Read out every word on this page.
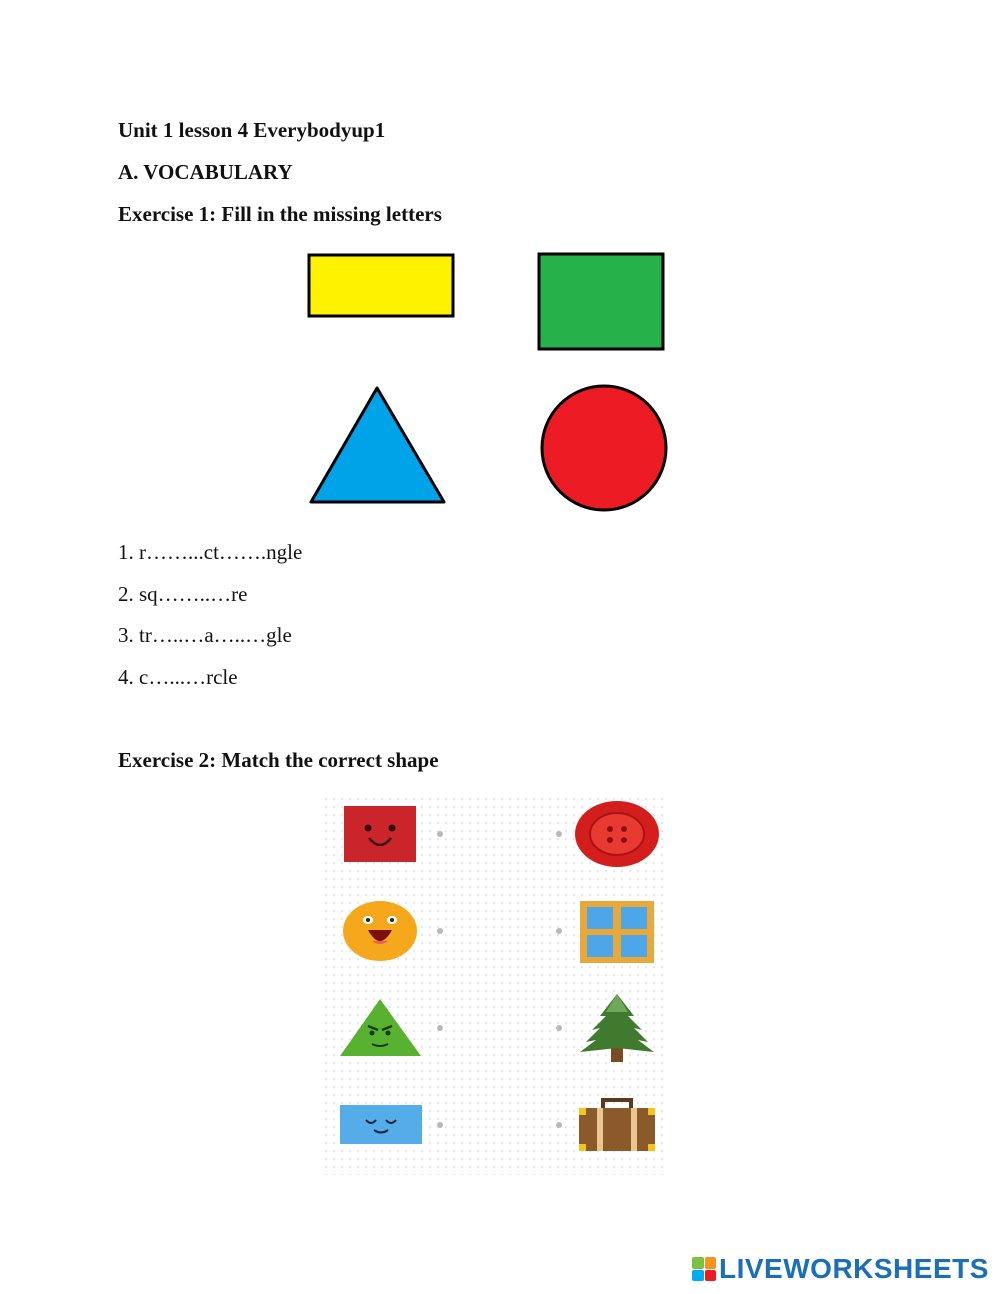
Unit 1 lesson 4 Everybodyup1
A. VOCABULARY
Exercise 1: Fill in the missing letters
1. r……...ct…….ngle
2. sq……..…re
3. tr…..…a…..…gle
4. c…...…rcle
Exercise 2: Match the correct shape
LIVEWORKSHEETS
